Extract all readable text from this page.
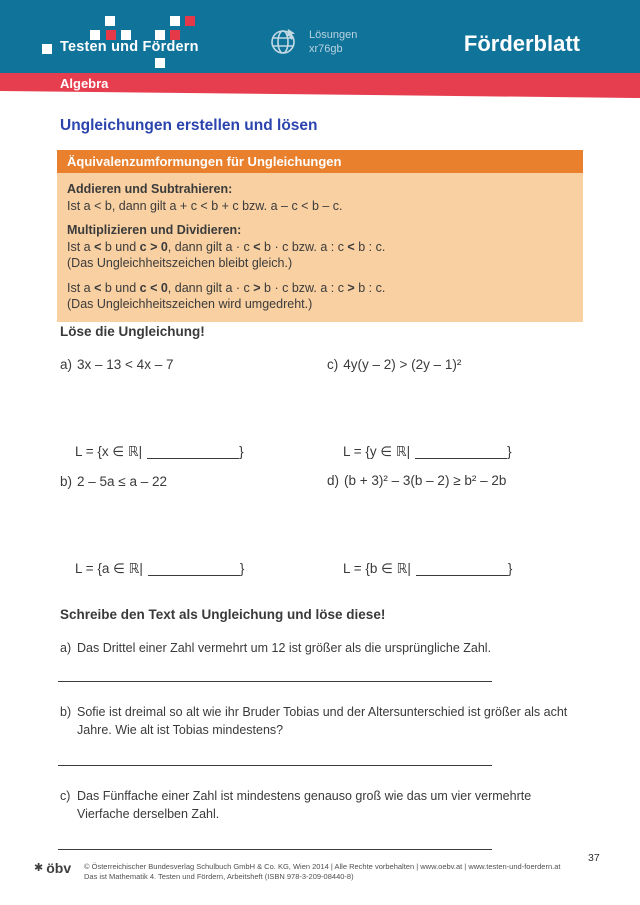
Testen und Fördern
Lösungen
xr76gb	Förderblatt
Algebra
Ungleichungen erstellen und lösen
Äquivalenzumformungen für Ungleichungen
Addieren und Subtrahieren:
Ist a < b, dann gilt a + c < b + c bzw. a – c < b – c.
Multiplizieren und Dividieren:
Ist a < b und c > 0, dann gilt a · c < b · c bzw. a : c < b : c.
(Das Ungleichheitszeichen bleibt gleich.)
Ist a < b und c < 0, dann gilt a · c > b · c bzw. a : c > b : c.
(Das Ungleichheitszeichen wird umgedreht.)
Löse die Ungleichung!
a) 3x – 13 < 4x – 7	c) 4y(y – 2) > (2y – 1)²
L = {x ∈ ℝ|	}	L = {y ∈ ℝ|	}
b) 2 – 5a ≤ a – 22	d) (b + 3)² – 3(b – 2) ≥ b² – 2b
L = {a ∈ ℝ|	}	L = {b ∈ ℝ|	}
Schreibe den Text als Ungleichung und löse diese!
a) Das Drittel einer Zahl vermehrt um 12 ist größer als die ursprüngliche Zahl.
b) Sofie ist dreimal so alt wie ihr Bruder Tobias und der Altersunterschied ist größer als acht Jahre. Wie alt ist Tobias mindestens?
c) Das Fünffache einer Zahl ist mindestens genauso groß wie das um vier vermehrte Vierfache derselben Zahl.
✱ öbv © Österreichischer Bundesverlag Schulbuch GmbH & Co. KG, Wien 2014 | Alle Rechte vorbehalten | www.oebv.at | www.testen-und-foerdern.at
Das ist Mathematik 4. Testen und Fördern, Arbeitsheft (ISBN 978-3-209-08440-8)
37
